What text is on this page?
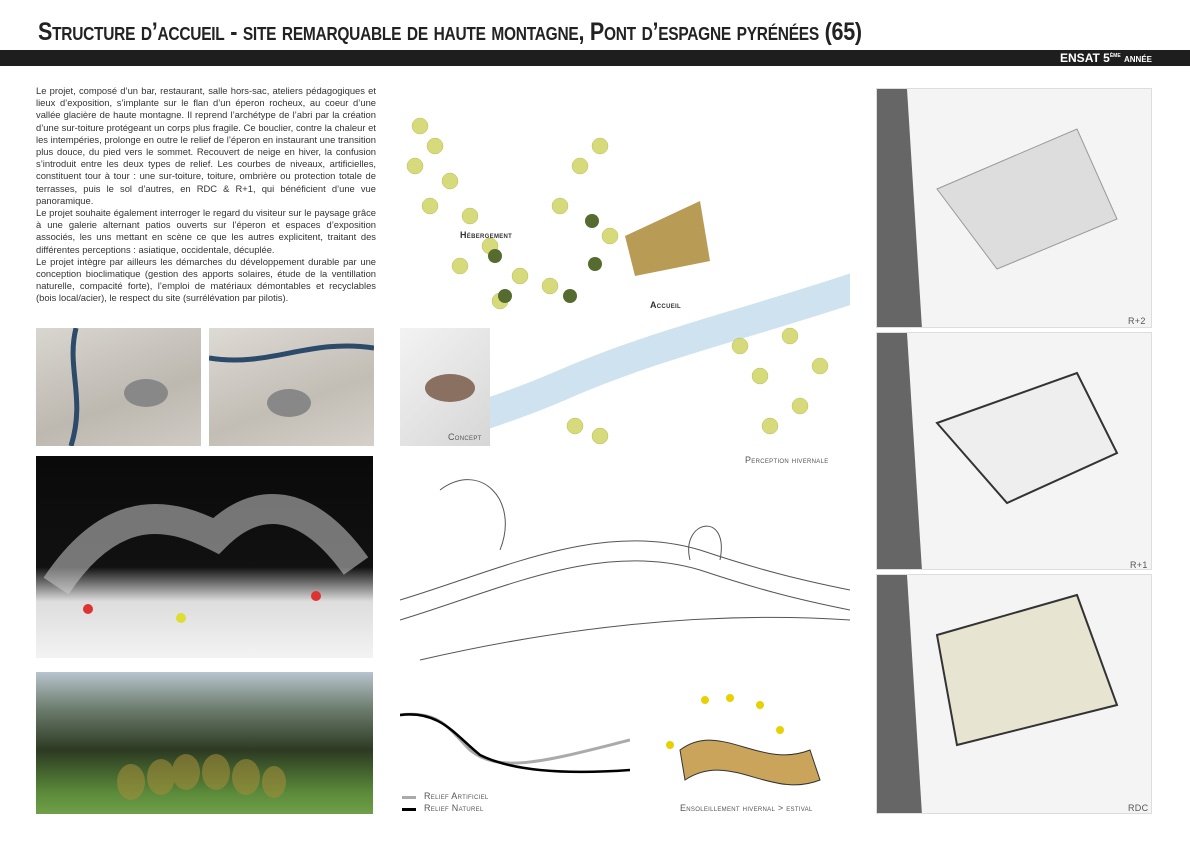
Structure d’accueil - site remarquable de haute montagne, Pont d’espagne pyrénées (65)
ENSAT 5ème année
Le projet, composé d’un bar, restaurant, salle hors-sac, ateliers pédagogiques et lieux d’exposition, s’implante sur le flan d’un éperon rocheux, au coeur d’une vallée glacière de haute montagne. Il reprend l’archétype de l’abri par la création d’une sur-toiture protégeant un corps plus fragile. Ce bouclier, contre la chaleur et les intempéries, prolonge en outre le relief de l’éperon en instaurant une transition plus douce, du pied vers le sommet. Recouvert de neige en hiver, la confusion s’introduit entre les deux types de relief. Les courbes de niveaux, artificielles, constituent tour à tour : une sur-toiture, toiture, ombrière ou protection totale de terrasses, puis le sol d’autres, en RDC & R+1, qui bénéficient d’une vue panoramique.
Le projet souhaite également interroger le regard du visiteur sur le paysage grâce à une galerie alternant patios ouverts sur l’éperon et espaces d’exposition associés, les uns mettant en scène ce que les autres explicitent, traitant des différentes perceptions : asiatique, occidentale, décuplée.
Le projet intègre par ailleurs les démarches du développement durable par une conception bioclimatique (gestion des apports solaires, étude de la ventillation naturelle, compacité forte), l’emploi de matériaux démontables et recyclables (bois local/acier), le respect du site (surrélévation par pilotis).
Hébergement
Accueil
Concept
Perception hivernale
Relief Artificiel
Relief Naturel	Ensoleillement hivernal > estival
R+2
R+1
RDC
